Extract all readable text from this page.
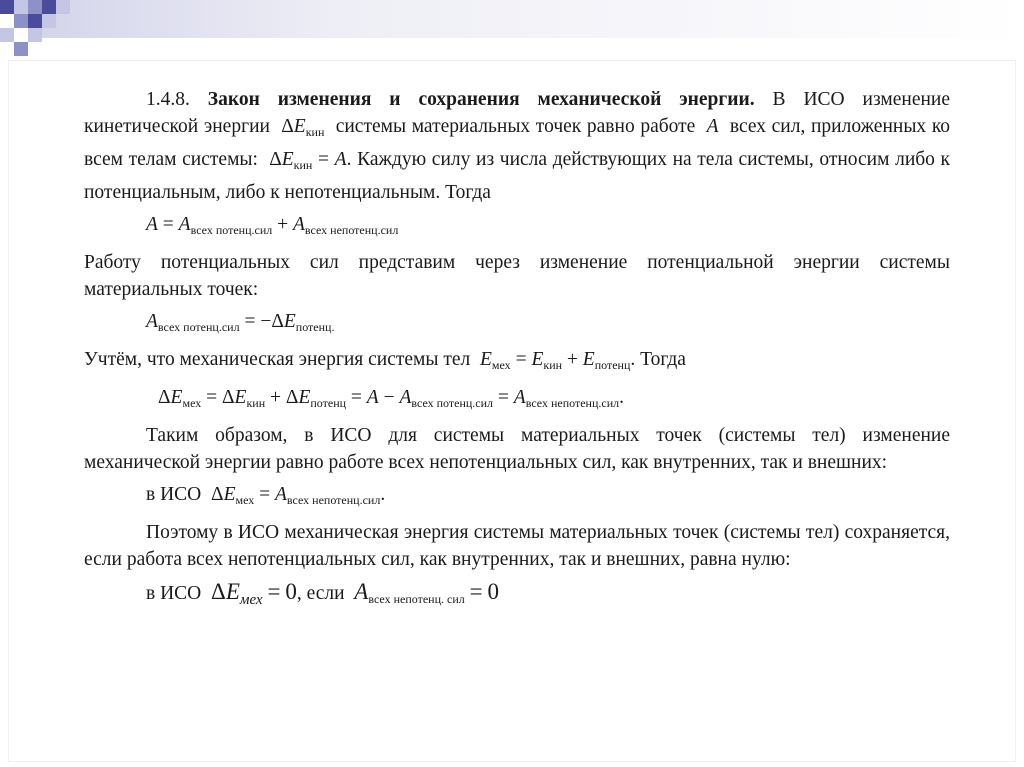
1.4.8. Закон изменения и сохранения механической энергии. В ИСО изменение кинетической энергии $\Delta E_{кин}$ системы материальных точек равно работе A всех сил, приложенных ко всем телам системы: $\Delta E_{кин} = A$. Каждую силу из числа действующих на тела системы, относим либо к потенциальным, либо к непотенциальным. Тогда

$A = A_{всех потенц.сил} + A_{всех непотенц.сил}$

Работу потенциальных сил представим через изменение потенциальной энергии системы материальных точек:

$A_{всех потенц.сил} = -\Delta E_{потенц.}$

Учтём, что механическая энергия системы тел $E_{мех} = E_{кин} + E_{потенц}$. Тогда

$\Delta E_{мех} = \Delta E_{кин} + \Delta E_{потенц} = A - A_{всех потенц.сил} = A_{всех непотенц.сил}$.

Таким образом, в ИСО для системы материальных точек (системы тел) изменение механической энергии равно работе всех непотенциальных сил, как внутренних, так и внешних:

в ИСО $\Delta E_{мех} = A_{всех непотенц.сил}$.

Поэтому в ИСО механическая энергия системы материальных точек (системы тел) сохраняется, если работа всех непотенциальных сил, как внутренних, так и внешних, равна нулю:

в ИСО $\Delta E_{мех} = 0$, если $A_{всех непотенц. сил} = 0$
